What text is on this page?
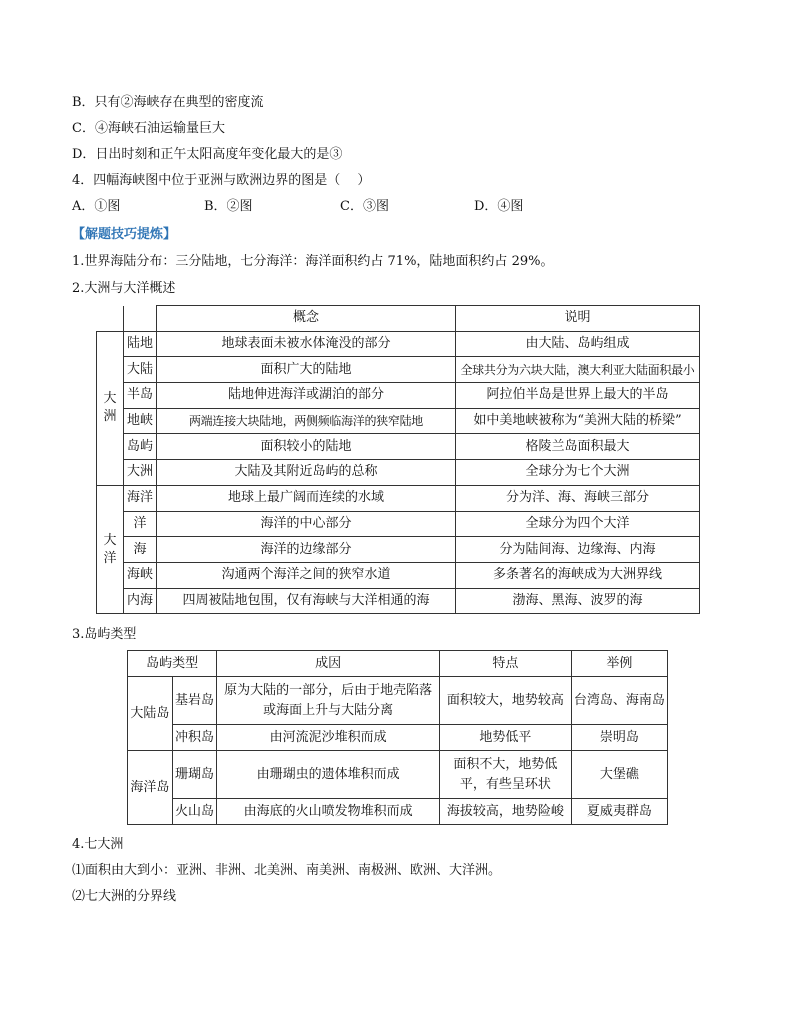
B．只有②海峡存在典型的密度流
C．④海峡石油运输量巨大
D．日出时刻和正午太阳高度年变化最大的是③
4．四幅海峡图中位于亚洲与欧洲边界的图是（　 ）
A．①图	B．②图	C．③图	D．④图
【解题技巧提炼】
1.世界海陆分布：三分陆地，七分海洋：海洋面积约占 71%，陆地面积约占 29%。
2.大洲与大洋概述
		概念	说明
大洲	陆地	地球表面未被水体淹没的部分	由大陆、岛屿组成
	大陆	面积广大的陆地	全球共分为六块大陆，澳大利亚大陆面积最小
	半岛	陆地伸进海洋或湖泊的部分	阿拉伯半岛是世界上最大的半岛
	地峡	两端连接大块陆地，两侧频临海洋的狭窄陆地	如中美地峡被称为“美洲大陆的桥梁”
	岛屿	面积较小的陆地	格陵兰岛面积最大
	大洲	大陆及其附近岛屿的总称	全球分为七个大洲
大洋	海洋	地球上最广阔而连续的水域	分为洋、海、海峡三部分
	洋	海洋的中心部分	全球分为四个大洋
	海	海洋的边缘部分	分为陆间海、边缘海、内海
	海峡	沟通两个海洋之间的狭窄水道	多条著名的海峡成为大洲界线
	内海	四周被陆地包围，仅有海峡与大洋相通的海	渤海、黑海、波罗的海
3.岛屿类型
岛屿类型		成因	特点	举例
大陆岛	基岩岛	原为大陆的一部分，后由于地壳陷落或海面上升与大陆分离	面积较大，地势较高	台湾岛、海南岛
	冲积岛	由河流泥沙堆积而成	地势低平	崇明岛
海洋岛	珊瑚岛	由珊瑚虫的遗体堆积而成	面积不大，地势低平，有些呈环状	大堡礁
	火山岛	由海底的火山喷发物堆积而成	海拔较高，地势险峻	夏威夷群岛
4.七大洲
⑴面积由大到小：亚洲、非洲、北美洲、南美洲、南极洲、欧洲、大洋洲。
⑵七大洲的分界线
